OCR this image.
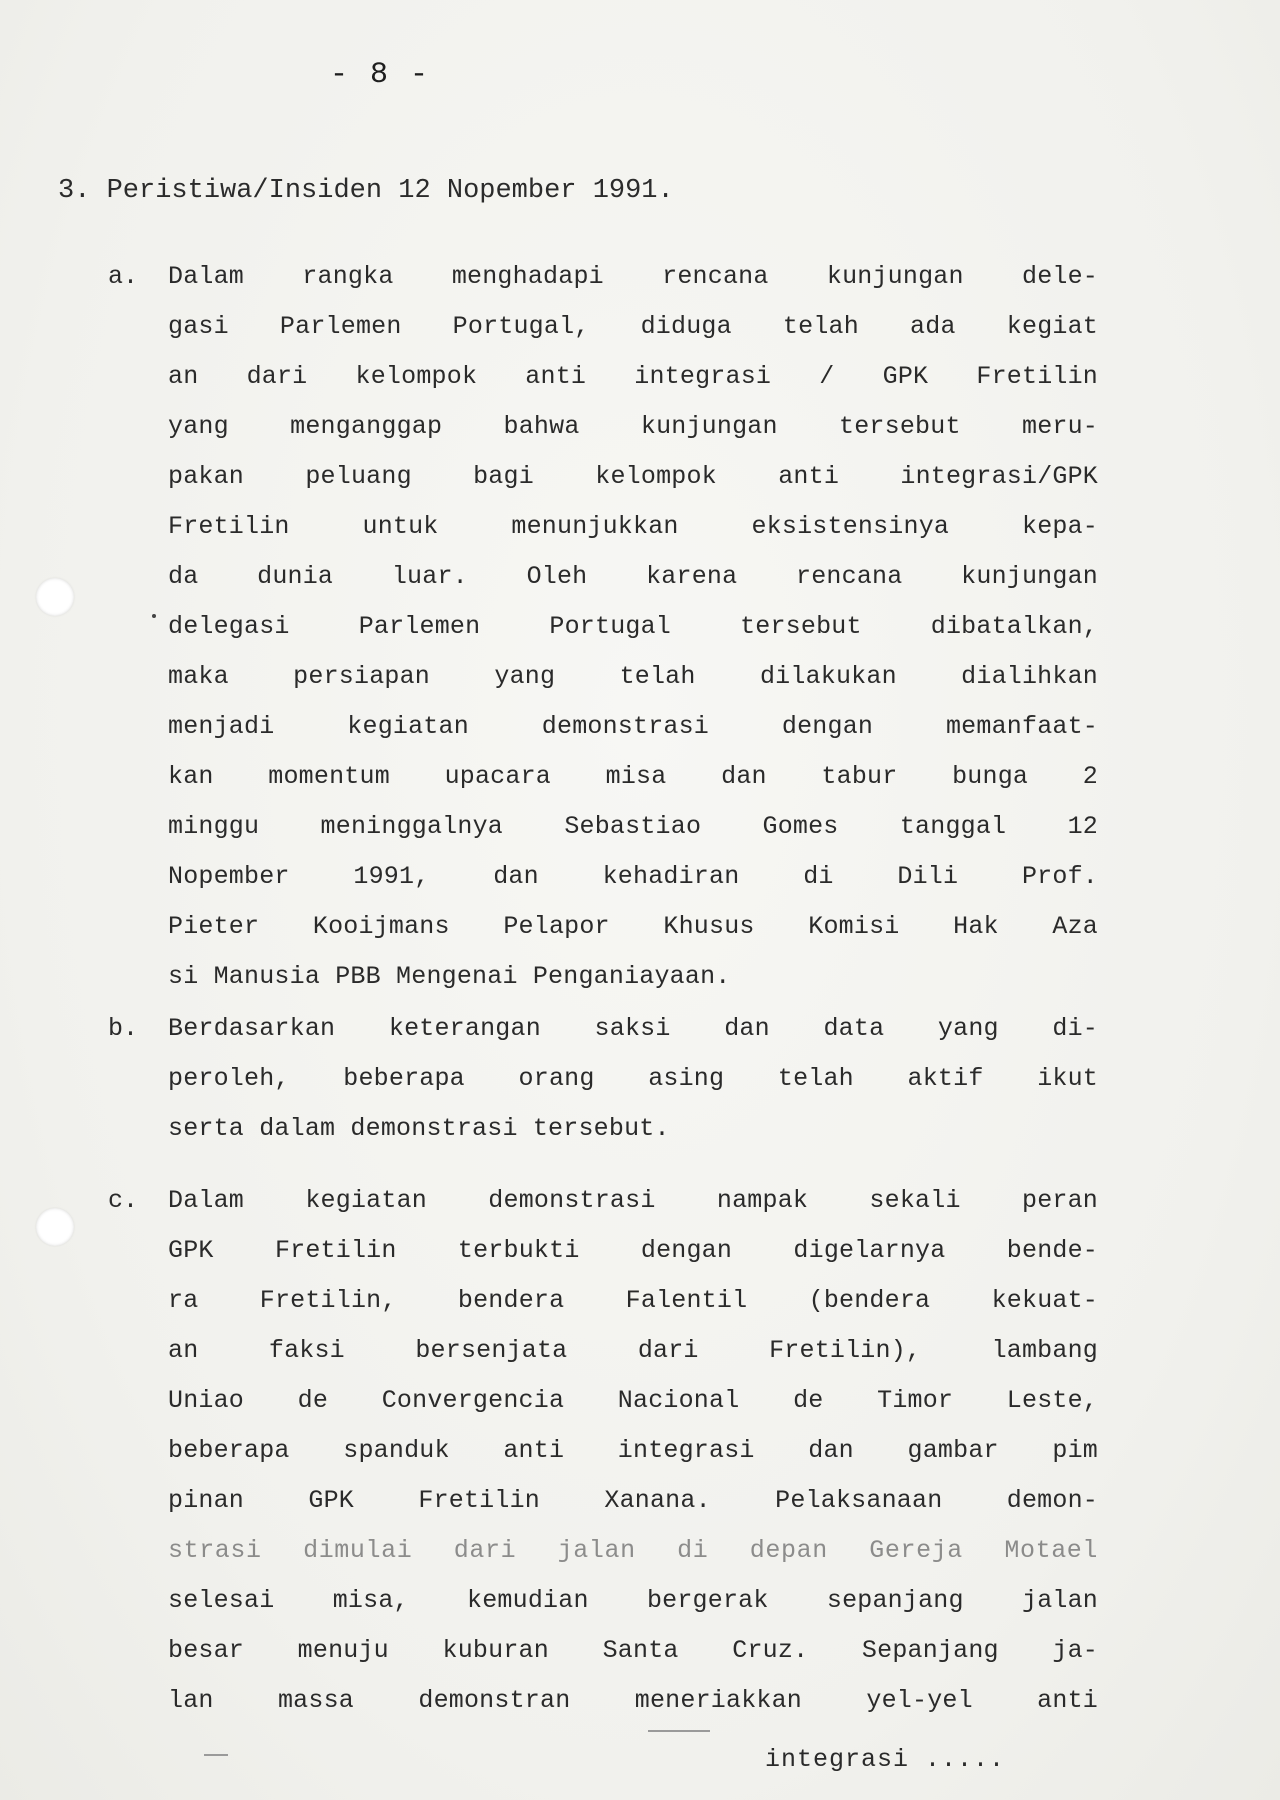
- 8 -
3. Peristiwa/Insiden 12 Nopember 1991.
a. Dalam rangka menghadapi rencana kunjungan dele-
gasi Parlemen Portugal, diduga telah ada kegiat
an dari kelompok anti integrasi / GPK Fretilin
yang menganggap bahwa kunjungan tersebut meru-
pakan peluang bagi kelompok anti integrasi/GPK
Fretilin untuk menunjukkan eksistensinya kepa-
da dunia luar. Oleh karena rencana kunjungan
delegasi Parlemen Portugal tersebut dibatalkan,
maka persiapan yang telah dilakukan dialihkan
menjadi kegiatan demonstrasi dengan memanfaat-
kan momentum upacara misa dan tabur bunga 2
minggu meninggalnya Sebastiao Gomes tanggal 12
Nopember 1991, dan kehadiran di Dili Prof.
Pieter Kooijmans Pelapor Khusus Komisi Hak Aza
si Manusia PBB Mengenai Penganiayaan.
b. Berdasarkan keterangan saksi dan data yang di-
peroleh, beberapa orang asing telah aktif ikut
serta dalam demonstrasi tersebut.
c. Dalam kegiatan demonstrasi nampak sekali peran
GPK Fretilin terbukti dengan digelarnya bende-
ra Fretilin, bendera Falentil (bendera kekuat-
an faksi bersenjata dari Fretilin), lambang
Uniao de Convergencia Nacional de Timor Leste,
beberapa spanduk anti integrasi dan gambar pim
pinan GPK Fretilin Xanana. Pelaksanaan demon-
strasi dimulai dari jalan di depan Gereja Motael
selesai misa, kemudian bergerak sepanjang jalan
besar menuju kuburan Santa Cruz. Sepanjang ja-
lan massa demonstran meneriakkan yel-yel anti
integrasi .....
